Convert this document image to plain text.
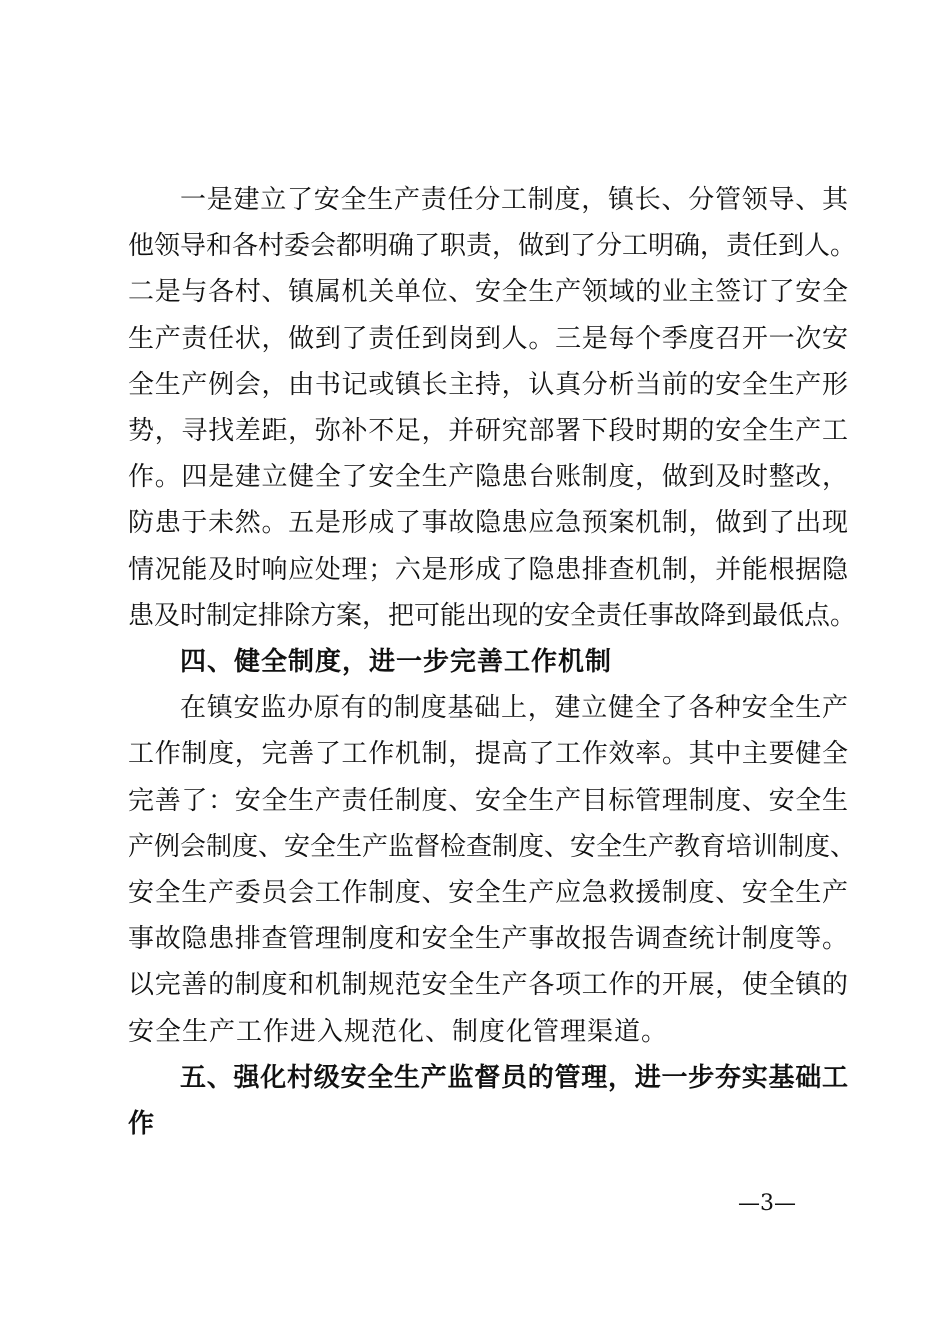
一是建立了安全生产责任分工制度，镇长、分管领导、其
他领导和各村委会都明确了职责，做到了分工明确，责任到人。
二是与各村、镇属机关单位、安全生产领域的业主签订了安全
生产责任状，做到了责任到岗到人。三是每个季度召开一次安
全生产例会，由书记或镇长主持，认真分析当前的安全生产形
势，寻找差距，弥补不足，并研究部署下段时期的安全生产工
作。四是建立健全了安全生产隐患台账制度，做到及时整改，
防患于未然。五是形成了事故隐患应急预案机制，做到了出现
情况能及时响应处理；六是形成了隐患排查机制，并能根据隐
患及时制定排除方案，把可能出现的安全责任事故降到最低点。
四、健全制度，进一步完善工作机制
在镇安监办原有的制度基础上，建立健全了各种安全生产
工作制度，完善了工作机制，提高了工作效率。其中主要健全
完善了：安全生产责任制度、安全生产目标管理制度、安全生
产例会制度、安全生产监督检查制度、安全生产教育培训制度、
安全生产委员会工作制度、安全生产应急救援制度、安全生产
事故隐患排查管理制度和安全生产事故报告调查统计制度等。
以完善的制度和机制规范安全生产各项工作的开展，使全镇的
安全生产工作进入规范化、制度化管理渠道。
五、强化村级安全生产监督员的管理，进一步夯实基础工
作
—3—
